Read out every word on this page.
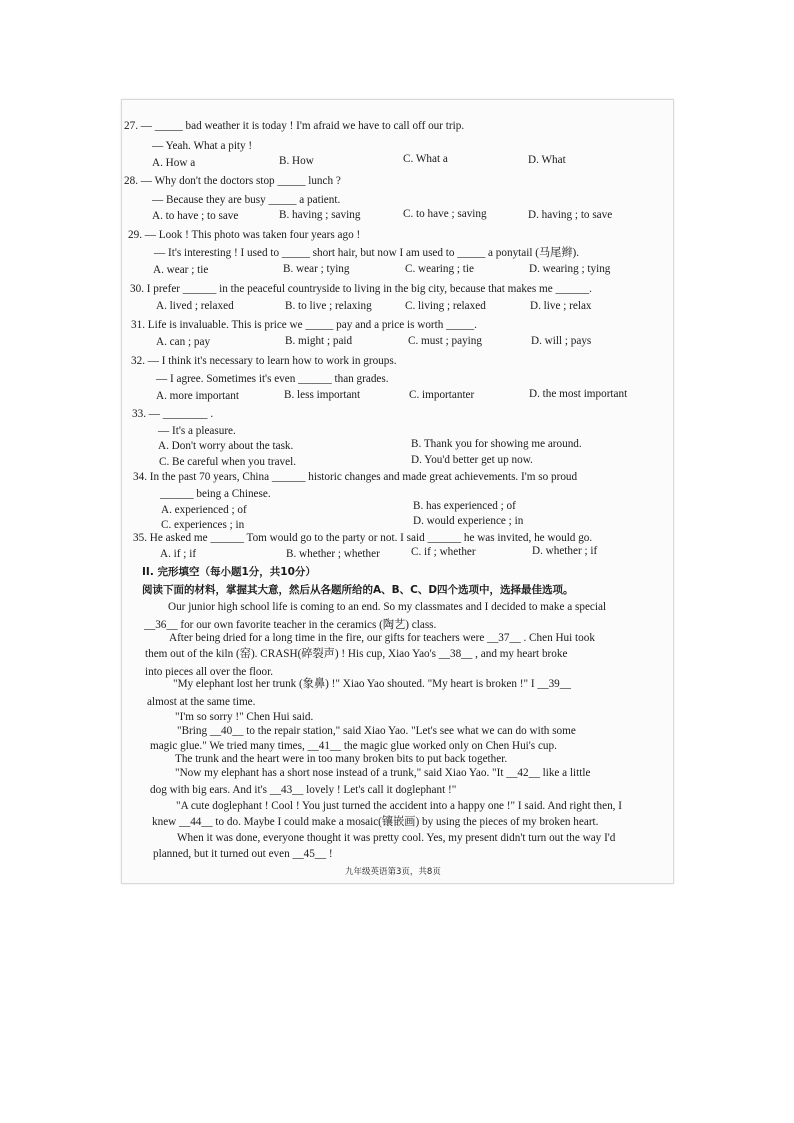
27. — _____ bad weather it is today ! I'm afraid we have to call off our trip.
— Yeah. What a pity !
A. How a	B. How	C. What a	D. What
28. — Why don't the doctors stop _____ lunch ?
— Because they are busy _____ a patient.
A. to have ; to save	B. having ; saving	C. to have ; saving	D. having ; to save
29. — Look ! This photo was taken four years ago !
— It's interesting ! I used to _____ short hair, but now I am used to _____ a ponytail (马尾辫).
A. wear ; tie	B. wear ; tying	C. wearing ; tie	D. wearing ; tying
30. I prefer ______ in the peaceful countryside to living in the big city, because that makes me ______.
A. lived ; relaxed	B. to live ; relaxing	C. living ; relaxed	D. live ; relax
31. Life is invaluable. This is price we _____ pay and a price is worth _____.
A. can ; pay	B. might ; paid	C. must ; paying	D. will ; pays
32. — I think it's necessary to learn how to work in groups.
— I agree. Sometimes it's even ______ than grades.
A. more important	B. less important	C. importanter	D. the most important
33. — ________ .
— It's a pleasure.
A. Don't worry about the task.	B. Thank you for showing me around.
C. Be careful when you travel.	D. You'd better get up now.
34. In the past 70 years, China ______ historic changes and made great achievements. I'm so proud
______ being a Chinese.
A. experienced ; of	B. has experienced ; of
C. experiences ; in	D. would experience ; in
35. He asked me ______ Tom would go to the party or not. I said ______ he was invited, he would go.
A. if ; if	B. whether ; whether	C. if ; whether	D. whether ; if
II. 完形填空（每小题1分，共10分）
阅读下面的材料，掌握其大意，然后从各题所给的A、B、C、D四个选项中，选择最佳选项。
Our junior high school life is coming to an end. So my classmates and I decided to make a special
__36__ for our own favorite teacher in the ceramics (陶艺) class.
After being dried for a long time in the fire, our gifts for teachers were __37__ . Chen Hui took
them out of the kiln (窑). CRASH(碎裂声) ! His cup, Xiao Yao's __38__ , and my heart broke
into pieces all over the floor.
"My elephant lost her trunk (象鼻) !" Xiao Yao shouted. "My heart is broken !" I __39__
almost at the same time.
"I'm so sorry !" Chen Hui said.
"Bring __40__ to the repair station," said Xiao Yao. "Let's see what we can do with some
magic glue." We tried many times, __41__ the magic glue worked only on Chen Hui's cup.
The trunk and the heart were in too many broken bits to put back together.
"Now my elephant has a short nose instead of a trunk," said Xiao Yao. "It __42__ like a little
dog with big ears. And it's __43__ lovely ! Let's call it doglephant !"
"A cute doglephant ! Cool ! You just turned the accident into a happy one !" I said. And right then, I
knew __44__ to do. Maybe I could make a mosaic(镶嵌画) by using the pieces of my broken heart.
When it was done, everyone thought it was pretty cool. Yes, my present didn't turn out the way I'd
planned, but it turned out even __45__ !
九年级英语第3页，共8页
